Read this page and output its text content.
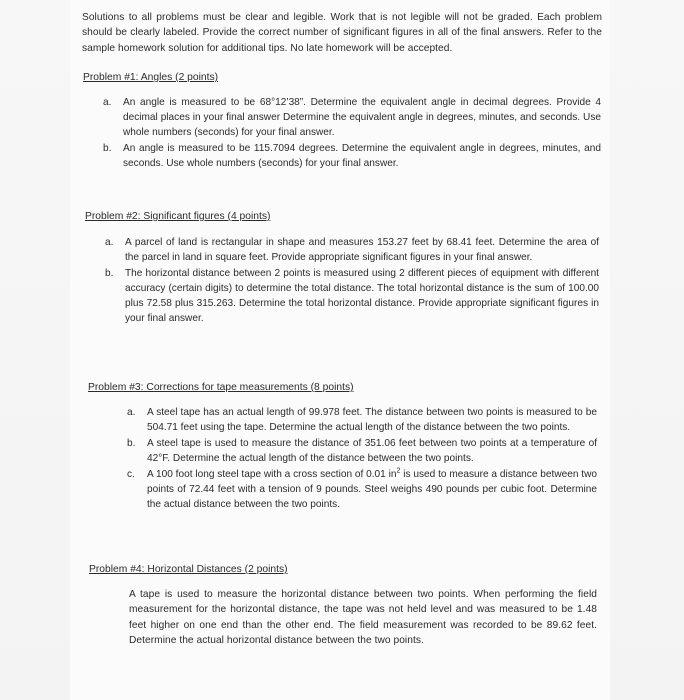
Solutions to all problems must be clear and legible. Work that is not legible will not be graded. Each problem should be clearly labeled. Provide the correct number of significant figures in all of the final answers. Refer to the sample homework solution for additional tips. No late homework will be accepted.
Problem #1: Angles (2 points)
a. An angle is measured to be 68°12’38”. Determine the equivalent angle in decimal degrees. Provide 4 decimal places in your final answer Determine the equivalent angle in degrees, minutes, and seconds. Use whole numbers (seconds) for your final answer.
b. An angle is measured to be 115.7094 degrees. Determine the equivalent angle in degrees, minutes, and seconds. Use whole numbers (seconds) for your final answer.
Problem #2: Significant figures (4 points)
a. A parcel of land is rectangular in shape and measures 153.27 feet by 68.41 feet. Determine the area of the parcel in land in square feet. Provide appropriate significant figures in your final answer.
b. The horizontal distance between 2 points is measured using 2 different pieces of equipment with different accuracy (certain digits) to determine the total distance. The total horizontal distance is the sum of 100.00 plus 72.58 plus 315.263. Determine the total horizontal distance. Provide appropriate significant figures in your final answer.
Problem #3: Corrections for tape measurements (8 points)
a. A steel tape has an actual length of 99.978 feet. The distance between two points is measured to be 504.71 feet using the tape. Determine the actual length of the distance between the two points.
b. A steel tape is used to measure the distance of 351.06 feet between two points at a temperature of 42°F. Determine the actual length of the distance between the two points.
c. A 100 foot long steel tape with a cross section of 0.01 $in^2$ is used to measure a distance between two points of 72.44 feet with a tension of 9 pounds. Steel weighs 490 pounds per cubic foot. Determine the actual distance between the two points.
Problem #4: Horizontal Distances (2 points)
A tape is used to measure the horizontal distance between two points. When performing the field measurement for the horizontal distance, the tape was not held level and was measured to be 1.48 feet higher on one end than the other end. The field measurement was recorded to be 89.62 feet. Determine the actual horizontal distance between the two points.
